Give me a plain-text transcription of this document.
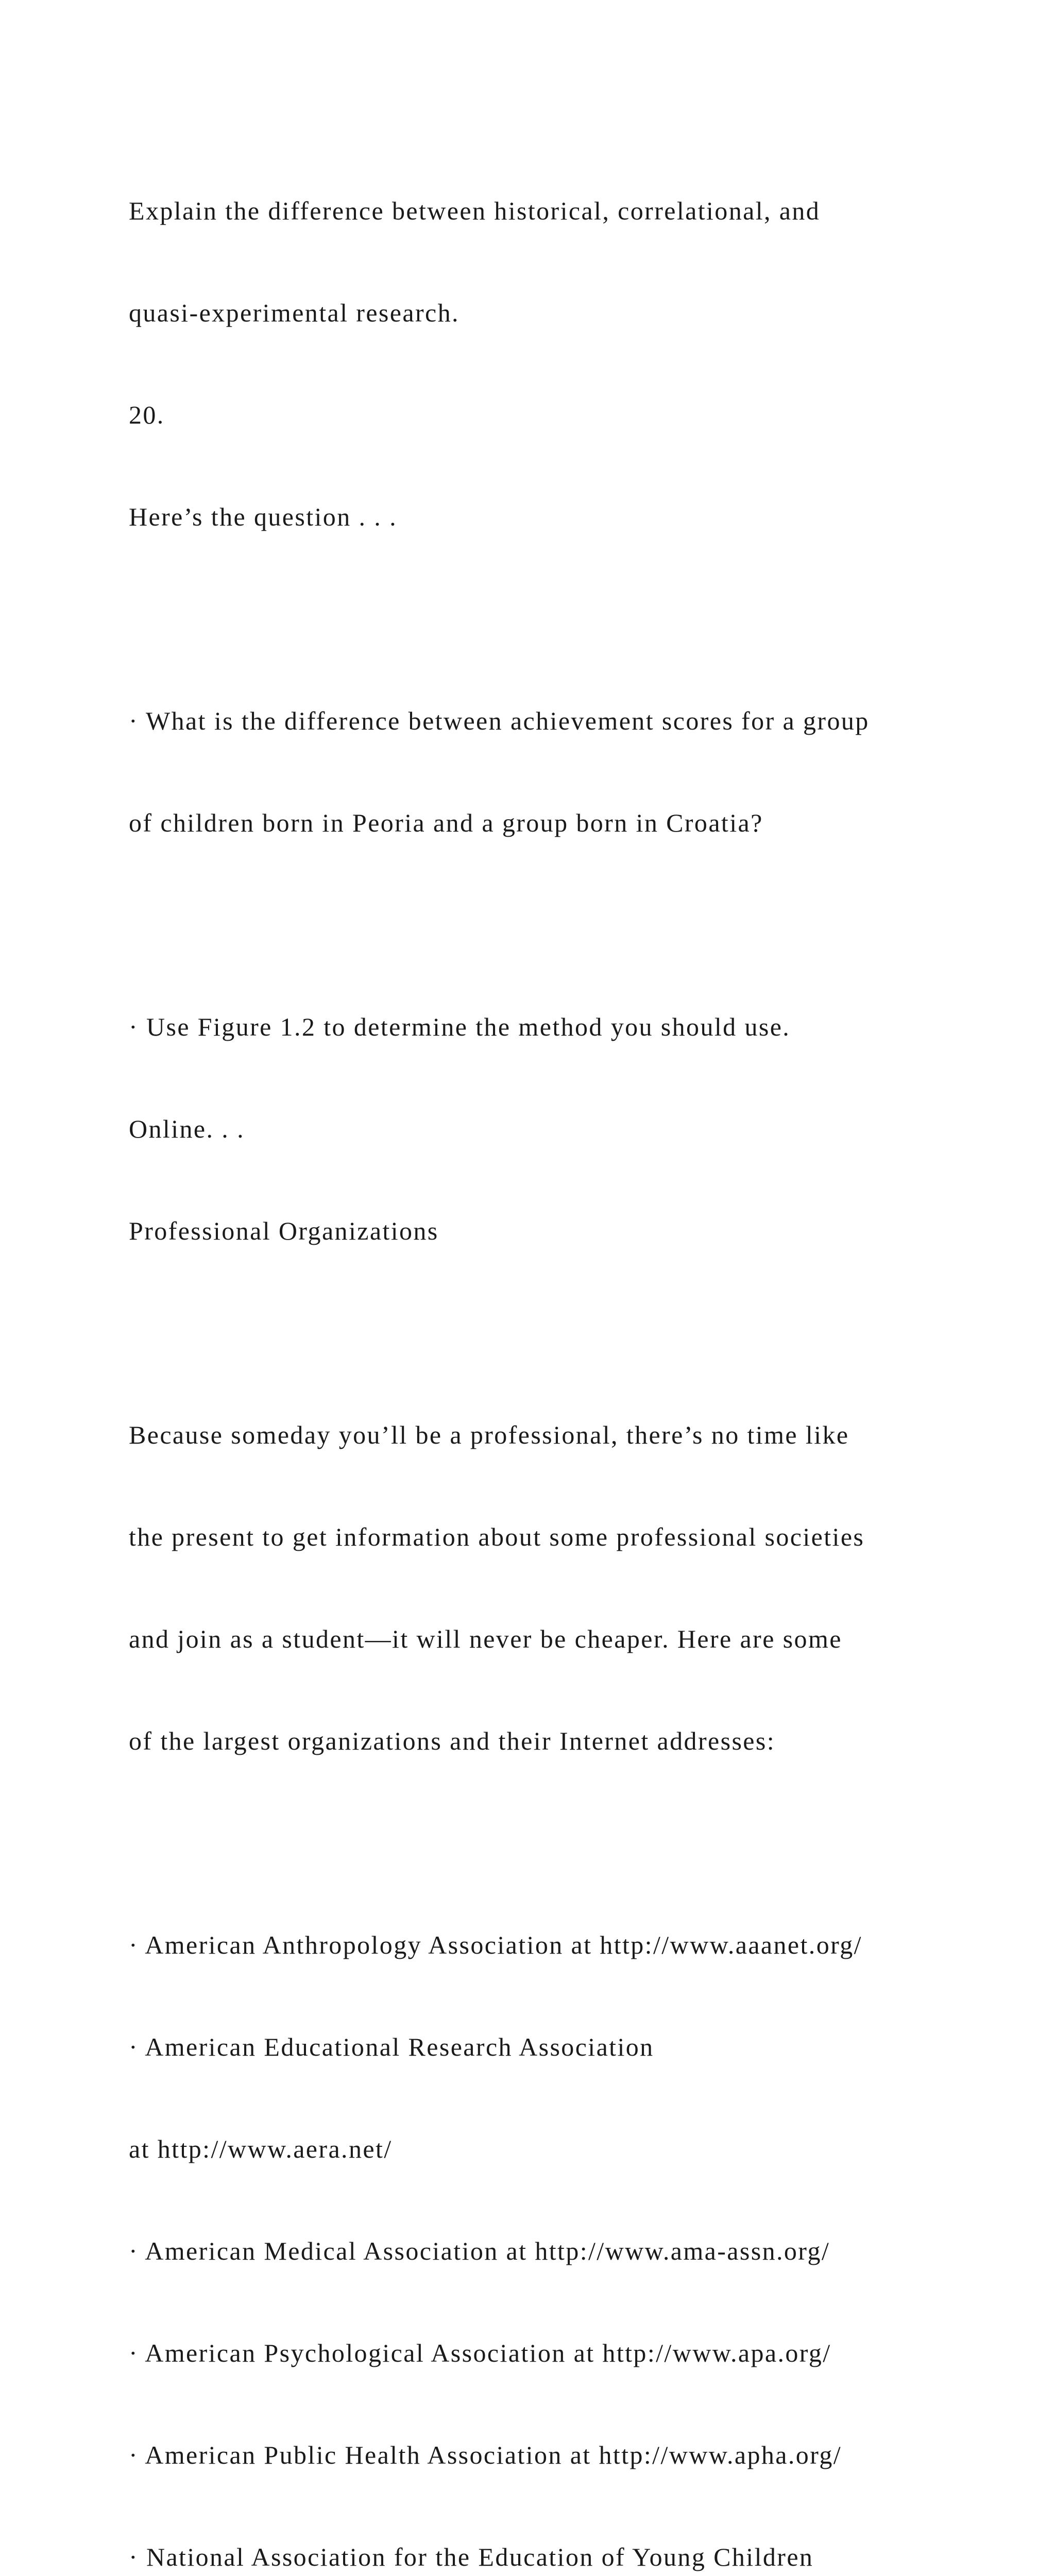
Explain the difference between historical, correlational, and

quasi-experimental research.

20.

Here’s the question . . .

· What is the difference between achievement scores for a group

of children born in Peoria and a group born in Croatia?

· Use Figure 1.2 to determine the method you should use.

Online. . .

Professional Organizations

Because someday you’ll be a professional, there’s no time like

the present to get information about some professional societies

and join as a student—it will never be cheaper. Here are some

of the largest organizations and their Internet addresses:

· American Anthropology Association at http://www.aaanet.org/

· American Educational Research Association

at http://www.aera.net/

· American Medical Association at http://www.ama-assn.org/

· American Psychological Association at http://www.apa.org/

· American Public Health Association at http://www.apha.org/

· National Association for the Education of Young Children
